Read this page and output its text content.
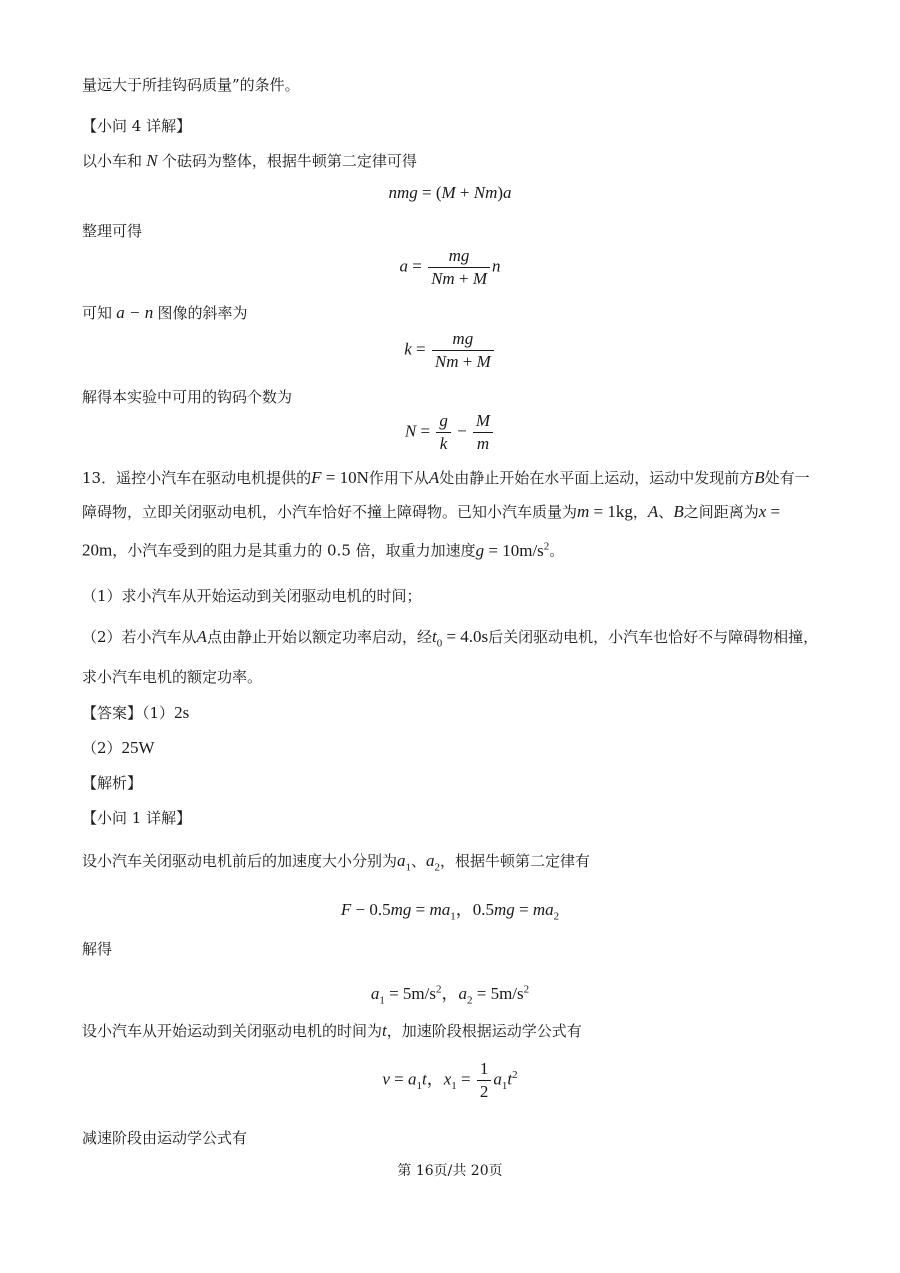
量远大于所挂钩码质量”的条件。
【小问 4 详解】
以小车和 N 个砝码为整体，根据牛顿第二定律可得
nmg = (M + Nm)a
整理可得
$a = \frac{mg}{Nm + M}$ n
可知 a − n 图像的斜率为
$k = \frac{mg}{Nm + M}$
解得本实验中可用的钩码个数为
$N = \frac{g}{k} - \frac{M}{m}$
13．遥控小汽车在驱动电机提供的F = 10N作用下从A处由静止开始在水平面上运动，运动中发现前方B处有一障碍物，立即关闭驱动电机，小汽车恰好不撞上障碍物。已知小汽车质量为m = 1kg，A、B之间距离为x = 20m，小汽车受到的阻力是其重力的 0.5 倍，取重力加速度$g = 10m/s^2$。
（1）求小汽车从开始运动到关闭驱动电机的时间；
（2）若小汽车从A点由静止开始以额定功率启动，经$t_0 = 4.0s$后关闭驱动电机，小汽车也恰好不与障碍物相撞，求小汽车电机的额定功率。
【答案】（1）2s
（2）25W
【解析】
【小问 1 详解】
设小汽车关闭驱动电机前后的加速度大小分别为$a_1$、$a_2$，根据牛顿第二定律有
$F - 0.5mg = ma_1$，$0.5mg = ma_2$
解得
$a_1 = 5m/s^2$，$a_2 = 5m/s^2$
设小汽车从开始运动到关闭驱动电机的时间为t，加速阶段根据运动学公式有
$v = a_1t$，$x_1 = \frac{1}{2} a_1t^2$
减速阶段由运动学公式有
第 16页/共 20页
